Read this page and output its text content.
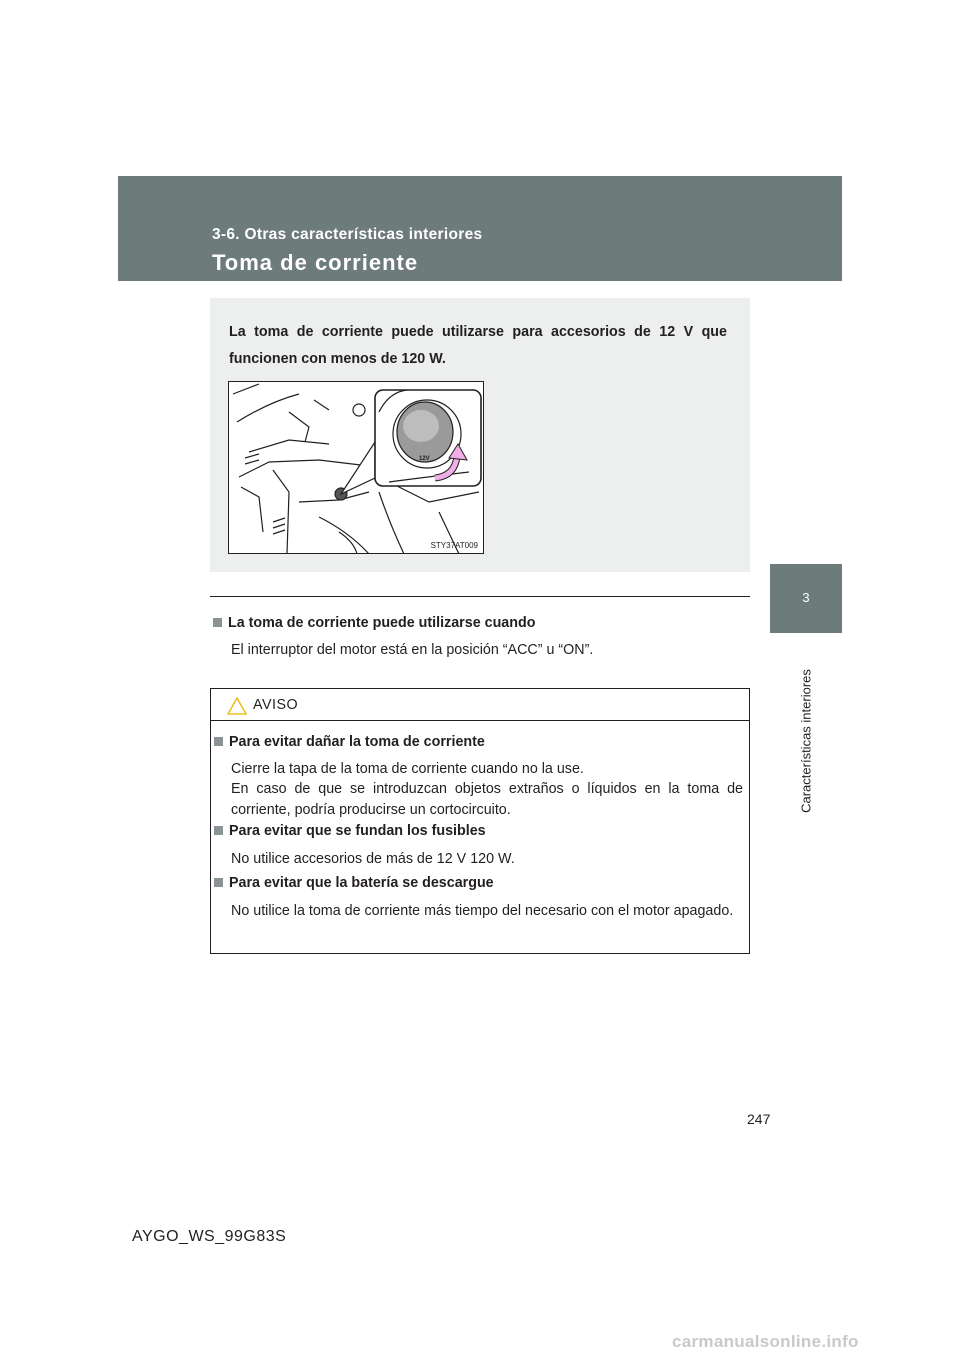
3-6. Otras características interiores
Toma de corriente
3
Características interiores
La toma de corriente puede utilizarse para accesorios de 12 V que funcionen con menos de 120 W.
12V
STY37AT009
La toma de corriente puede utilizarse cuando
El interruptor del motor está en la posición “ACC” u “ON”.
AVISO
Para evitar dañar la toma de corriente
Cierre la tapa de la toma de corriente cuando no la use.
En caso de que se introduzcan objetos extraños o líquidos en la toma de corriente, podría producirse un cortocircuito.
Para evitar que se fundan los fusibles
No utilice accesorios de más de 12 V 120 W.
Para evitar que la batería se descargue
No utilice la toma de corriente más tiempo del necesario con el motor apagado.
247
AYGO_WS_99G83S
carmanualsonline.info
